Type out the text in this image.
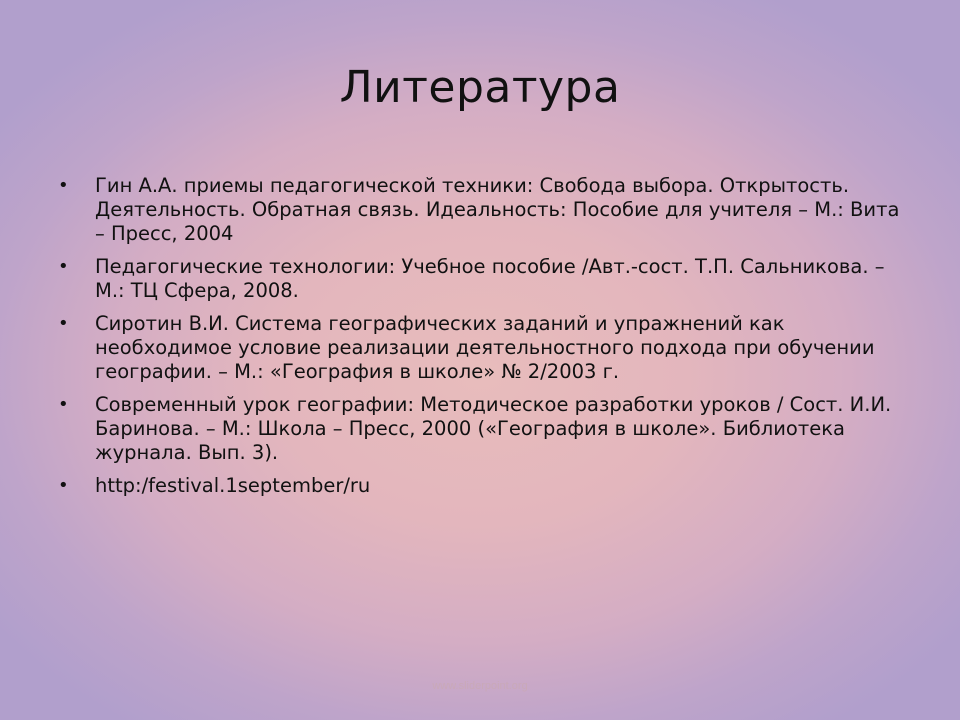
Литература
• Гин А.А. приемы педагогической техники: Свобода выбора. Открытость. Деятельность. Обратная связь. Идеальность: Пособие для учителя – М.: Вита – Пресс, 2004
• Педагогические технологии: Учебное пособие /Авт.-сост. Т.П. Сальникова. – М.: ТЦ Сфера, 2008.
• Сиротин В.И. Система географических заданий и упражнений как необходимое условие реализации деятельностного подхода при обучении географии. – М.: «География в школе» № 2/2003 г.
• Современный урок географии: Методическое разработки уроков / Сост. И.И. Баринова. – М.: Школа – Пресс, 2000 («География в школе». Библиотека журнала. Вып. 3).
• http:/festival.1september/ru
www.sliderpoint.org
